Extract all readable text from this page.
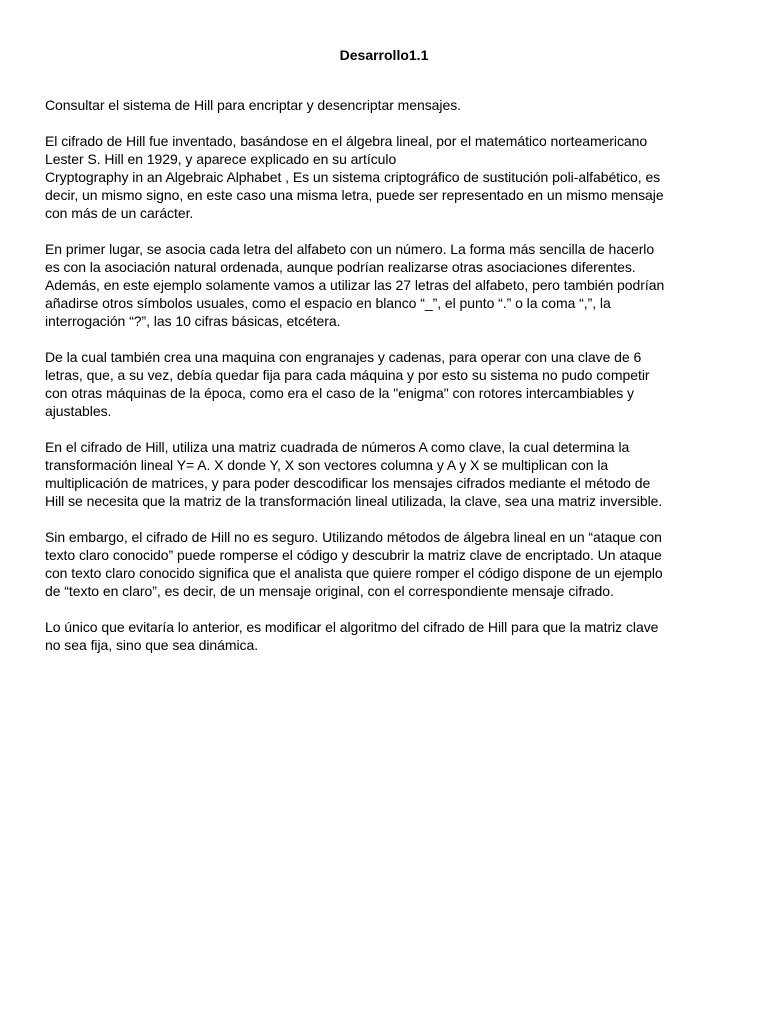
Desarrollo1.1

Consultar el sistema de Hill para encriptar y desencriptar mensajes.

El cifrado de Hill fue inventado, basándose en el álgebra lineal, por el matemático norteamericano
Lester S. Hill en 1929, y aparece explicado en su artículo
Cryptography in an Algebraic Alphabet , Es un sistema criptográfico de sustitución poli-alfabético, es
decir, un mismo signo, en este caso una misma letra, puede ser representado en un mismo mensaje
con más de un carácter.

En primer lugar, se asocia cada letra del alfabeto con un número. La forma más sencilla de hacerlo
es con la asociación natural ordenada, aunque podrían realizarse otras asociaciones diferentes.
Además, en este ejemplo solamente vamos a utilizar las 27 letras del alfabeto, pero también podrían
añadirse otros símbolos usuales, como el espacio en blanco “_”, el punto “.” o la coma “,”, la
interrogación “?”, las 10 cifras básicas, etcétera.

De la cual también crea una maquina con engranajes y cadenas, para operar con una clave de 6
letras, que, a su vez, debía quedar fija para cada máquina y por esto su sistema no pudo competir
con otras máquinas de la época, como era el caso de la "enigma" con rotores intercambiables y
ajustables.

En el cifrado de Hill, utiliza una matriz cuadrada de números A como clave, la cual determina la
transformación lineal Y= A. X donde Y, X son vectores columna y A y X se multiplican con la
multiplicación de matrices, y para poder descodificar los mensajes cifrados mediante el método de
Hill se necesita que la matriz de la transformación lineal utilizada, la clave, sea una matriz inversible.

Sin embargo, el cifrado de Hill no es seguro. Utilizando métodos de álgebra lineal en un “ataque con
texto claro conocido” puede romperse el código y descubrir la matriz clave de encriptado. Un ataque
con texto claro conocido significa que el analista que quiere romper el código dispone de un ejemplo
de “texto en claro”, es decir, de un mensaje original, con el correspondiente mensaje cifrado.

Lo único que evitaría lo anterior, es modificar el algoritmo del cifrado de Hill para que la matriz clave
no sea fija, sino que sea dinámica.
